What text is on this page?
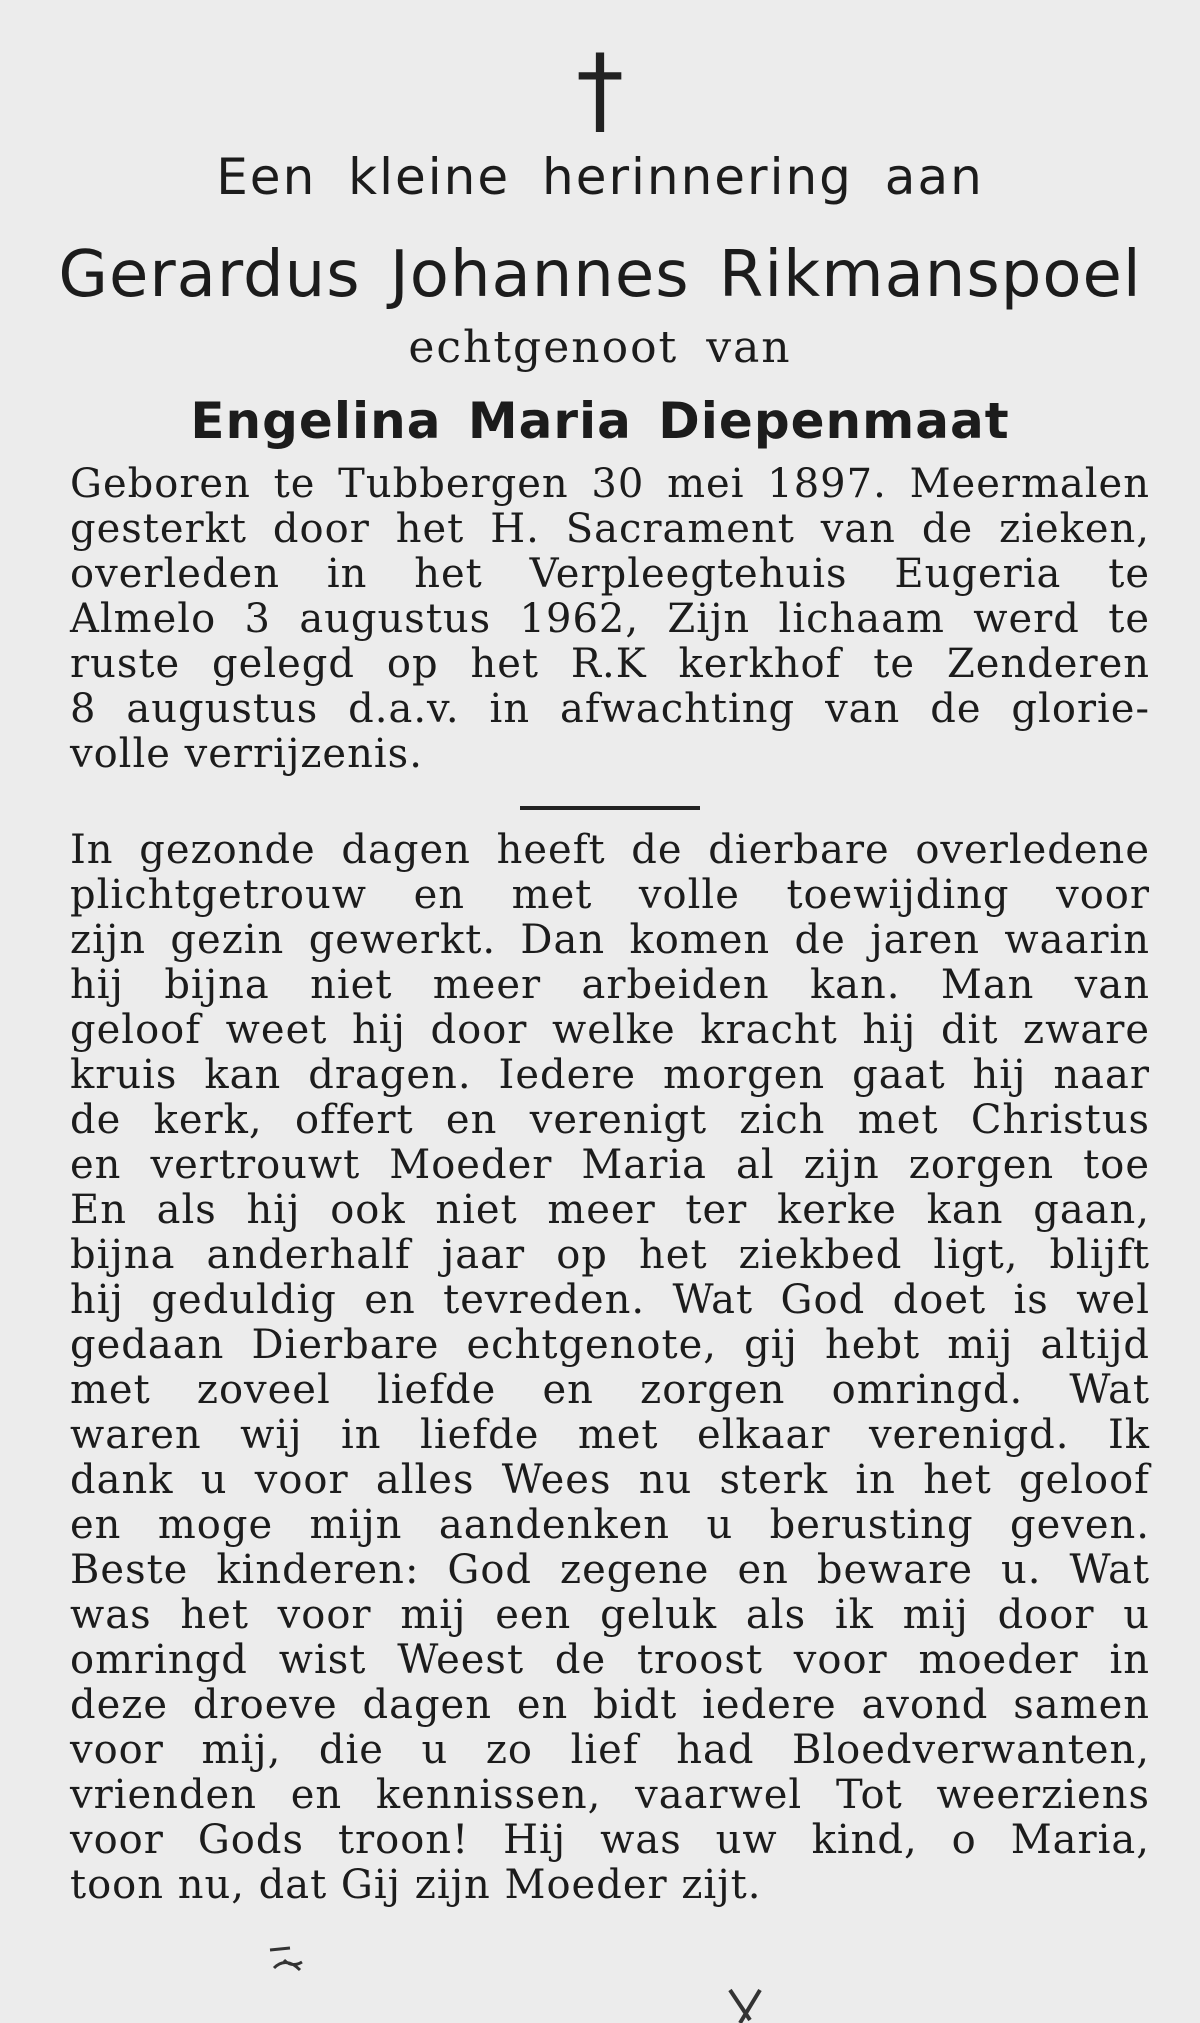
†
Een kleine herinnering aan
Gerardus Johannes Rikmanspoel
echtgenoot van
Engelina Maria Diepenmaat
Geboren te Tubbergen 30 mei 1897. Meermalen
gesterkt door het H. Sacrament van de zieken,
overleden in het Verpleegtehuis Eugeria te
Almelo 3 augustus 1962, Zijn lichaam werd te
ruste gelegd op het R.K kerkhof te Zenderen
8 augustus d.a.v. in afwachting van de glorie-
volle verrijzenis.
In gezonde dagen heeft de dierbare overledene
plichtgetrouw en met volle toewijding voor
zijn gezin gewerkt. Dan komen de jaren waarin
hij bijna niet meer arbeiden kan. Man van
geloof weet hij door welke kracht hij dit zware
kruis kan dragen. Iedere morgen gaat hij naar
de kerk, offert en verenigt zich met Christus
en vertrouwt Moeder Maria al zijn zorgen toe
En als hij ook niet meer ter kerke kan gaan,
bijna anderhalf jaar op het ziekbed ligt, blijft
hij geduldig en tevreden. Wat God doet is wel
gedaan Dierbare echtgenote, gij hebt mij altijd
met zoveel liefde en zorgen omringd. Wat
waren wij in liefde met elkaar verenigd. Ik
dank u voor alles Wees nu sterk in het geloof
en moge mijn aandenken u berusting geven.
Beste kinderen: God zegene en beware u. Wat
was het voor mij een geluk als ik mij door u
omringd wist Weest de troost voor moeder in
deze droeve dagen en bidt iedere avond samen
voor mij, die u zo lief had Bloedverwanten,
vrienden en kennissen, vaarwel Tot weerziens
voor Gods troon! Hij was uw kind, o Maria,
toon nu, dat Gij zijn Moeder zijt.
